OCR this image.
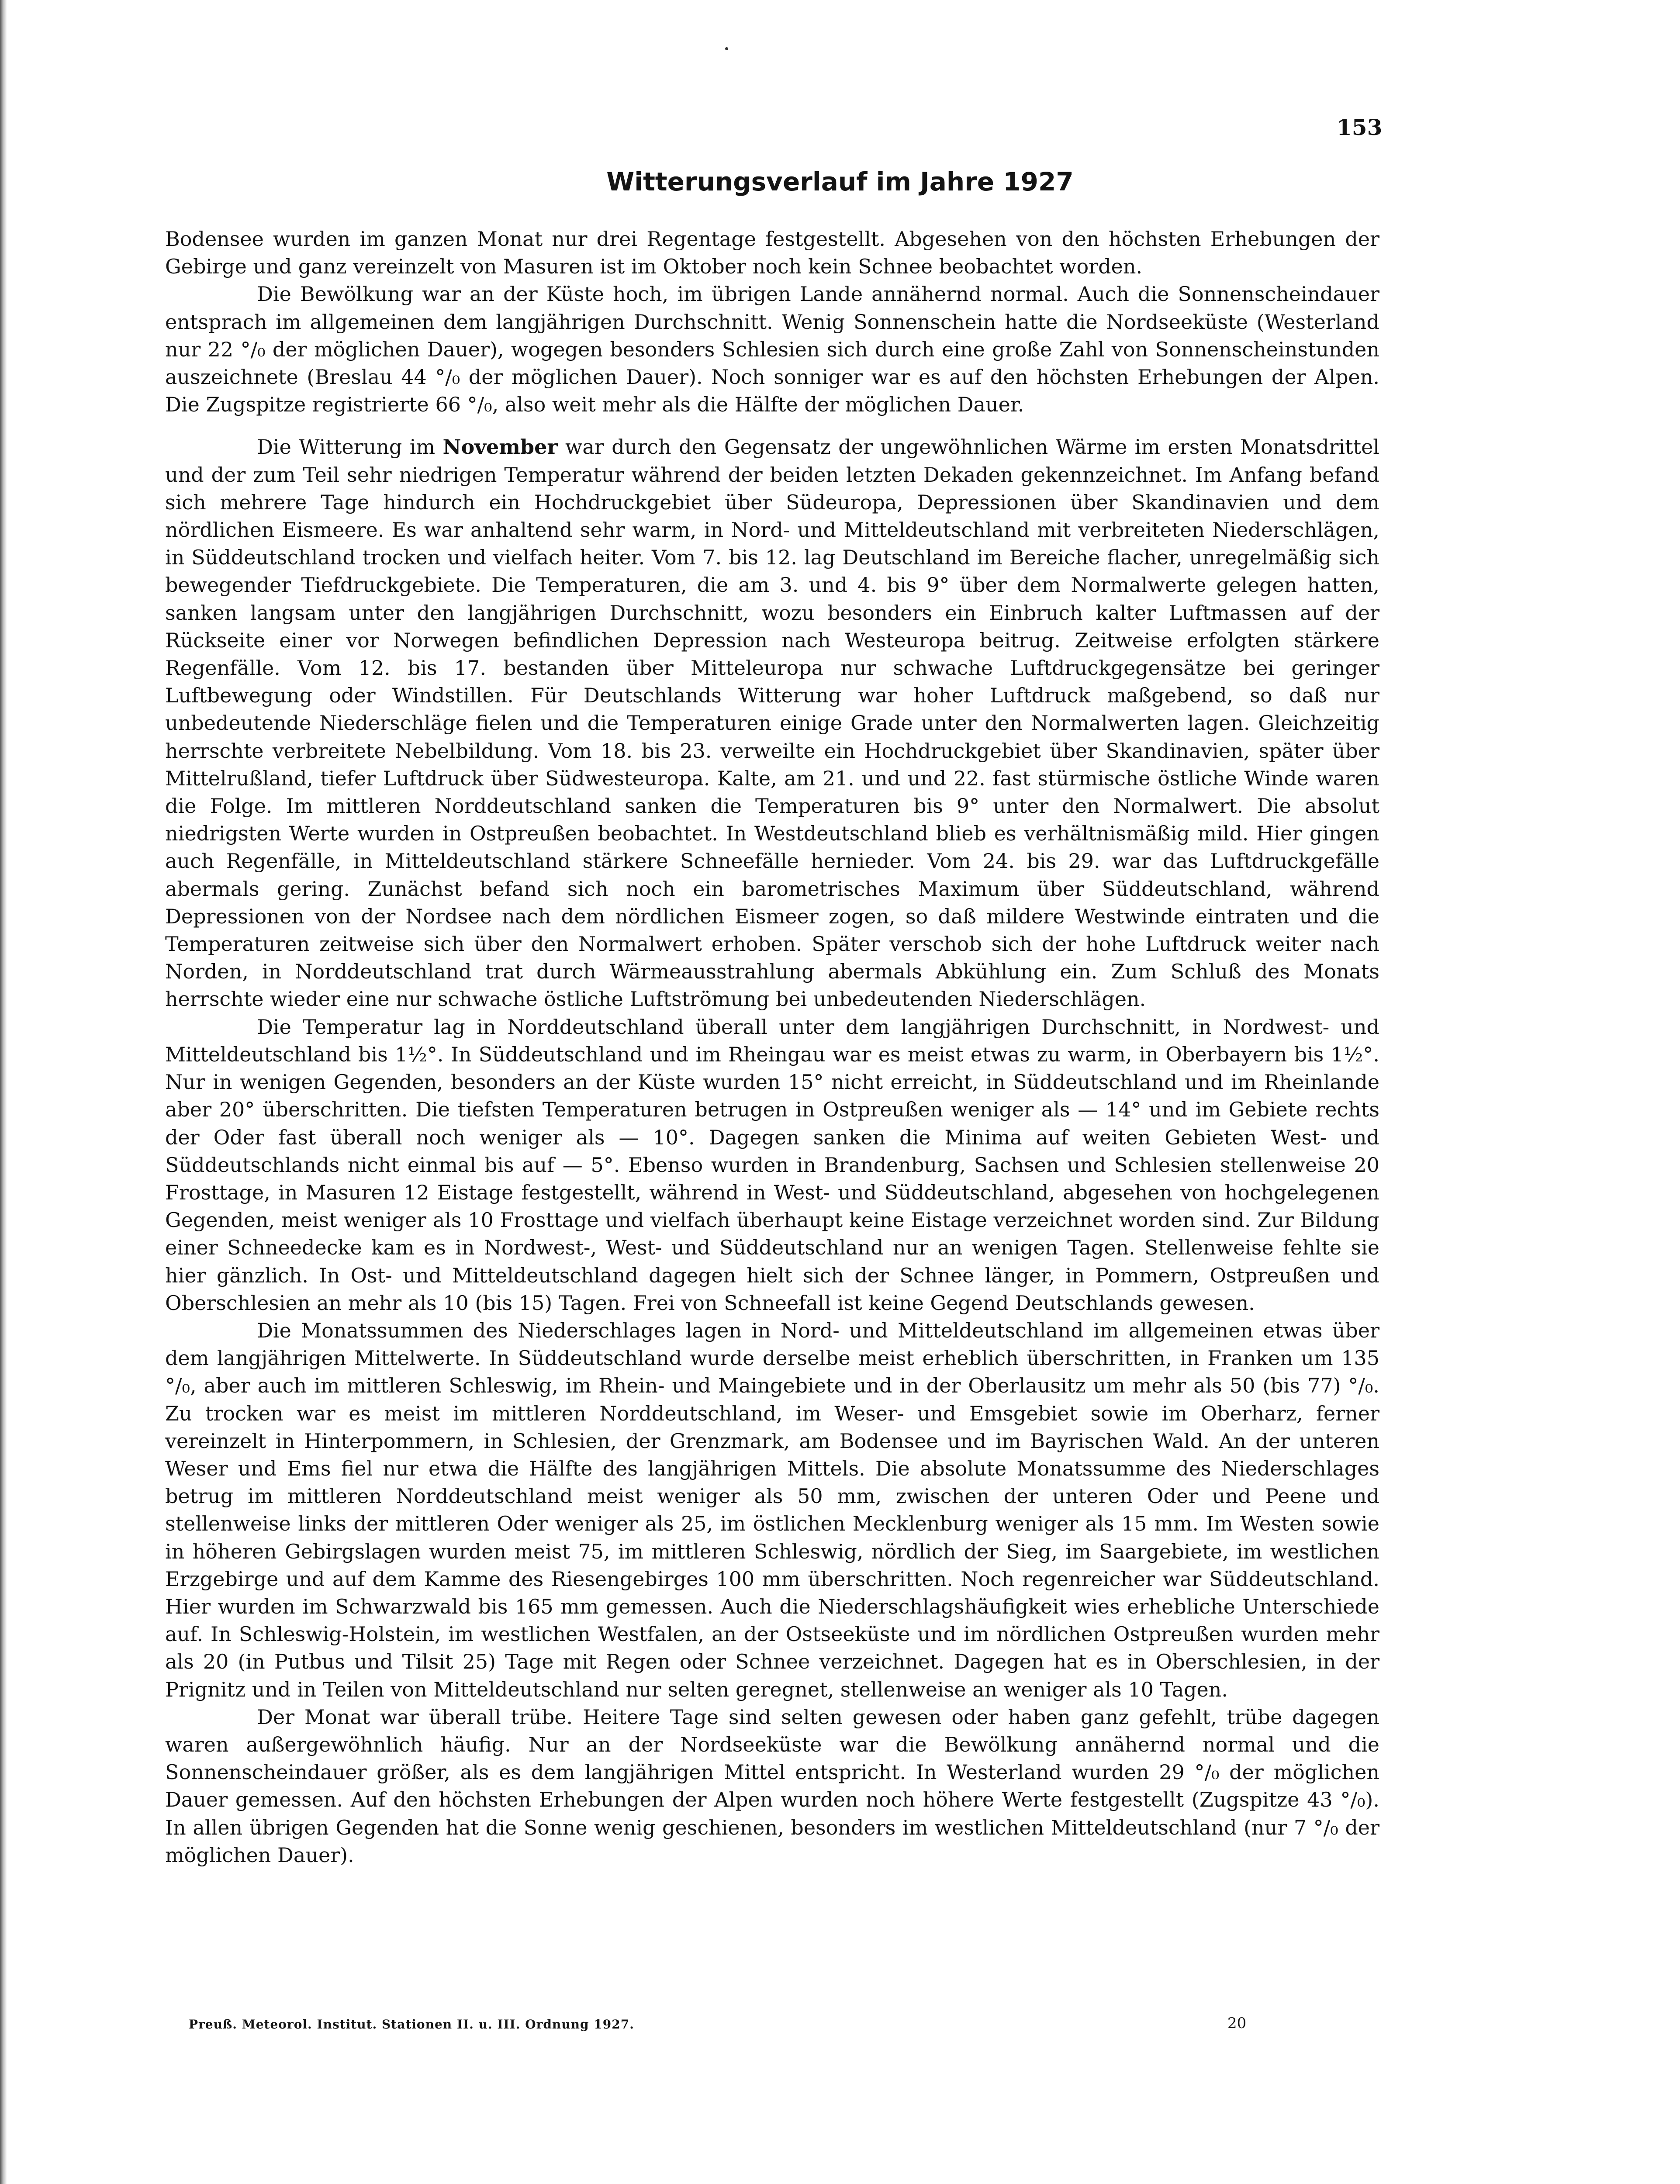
153
Witterungsverlauf im Jahre 1927

Bodensee wurden im ganzen Monat nur drei Regentage festgestellt. Abgesehen von den höchsten Erhebungen der Gebirge und ganz vereinzelt von Masuren ist im Oktober noch kein Schnee beobachtet worden.

Die Bewölkung war an der Küste hoch, im übrigen Lande annähernd normal. Auch die Sonnenscheindauer entsprach im allgemeinen dem langjährigen Durchschnitt. Wenig Sonnenschein hatte die Nordseeküste (Westerland nur 22 °/₀ der möglichen Dauer), wogegen besonders Schlesien sich durch eine große Zahl von Sonnenscheinstunden auszeichnete (Breslau 44 °/₀ der möglichen Dauer). Noch sonniger war es auf den höchsten Erhebungen der Alpen. Die Zugspitze registrierte 66 °/₀, also weit mehr als die Hälfte der möglichen Dauer.

Die Witterung im November war durch den Gegensatz der ungewöhnlichen Wärme im ersten Monatsdrittel und der zum Teil sehr niedrigen Temperatur während der beiden letzten Dekaden gekennzeichnet. Im Anfang befand sich mehrere Tage hindurch ein Hochdruckgebiet über Südeuropa, Depressionen über Skandinavien und dem nördlichen Eismeere. Es war anhaltend sehr warm, in Nord- und Mitteldeutschland mit verbreiteten Niederschlägen, in Süddeutschland trocken und vielfach heiter. Vom 7. bis 12. lag Deutschland im Bereiche flacher, unregelmäßig sich bewegender Tiefdruckgebiete. Die Temperaturen, die am 3. und 4. bis 9° über dem Normalwerte gelegen hatten, sanken langsam unter den langjährigen Durchschnitt, wozu besonders ein Einbruch kalter Luftmassen auf der Rückseite einer vor Norwegen befindlichen Depression nach Westeuropa beitrug. Zeitweise erfolgten stärkere Regenfälle. Vom 12. bis 17. bestanden über Mitteleuropa nur schwache Luftdruckgegensätze bei geringer Luftbewegung oder Windstillen. Für Deutschlands Witterung war hoher Luftdruck maßgebend, so daß nur unbedeutende Niederschläge fielen und die Temperaturen einige Grade unter den Normalwerten lagen. Gleichzeitig herrschte verbreitete Nebelbildung. Vom 18. bis 23. verweilte ein Hochdruckgebiet über Skandinavien, später über Mittelrußland, tiefer Luftdruck über Südwesteuropa. Kalte, am 21. und und 22. fast stürmische östliche Winde waren die Folge. Im mittleren Norddeutschland sanken die Temperaturen bis 9° unter den Normalwert. Die absolut niedrigsten Werte wurden in Ostpreußen beobachtet. In Westdeutschland blieb es verhältnismäßig mild. Hier gingen auch Regenfälle, in Mitteldeutschland stärkere Schneefälle hernieder. Vom 24. bis 29. war das Luftdruckgefälle abermals gering. Zunächst befand sich noch ein barometrisches Maximum über Süddeutschland, während Depressionen von der Nordsee nach dem nördlichen Eismeer zogen, so daß mildere Westwinde eintraten und die Temperaturen zeitweise sich über den Normalwert erhoben. Später verschob sich der hohe Luftdruck weiter nach Norden, in Norddeutschland trat durch Wärmeausstrahlung abermals Abkühlung ein. Zum Schluß des Monats herrschte wieder eine nur schwache östliche Luftströmung bei unbedeutenden Niederschlägen.

Die Temperatur lag in Norddeutschland überall unter dem langjährigen Durchschnitt, in Nordwest- und Mitteldeutschland bis 1½°. In Süddeutschland und im Rheingau war es meist etwas zu warm, in Oberbayern bis 1½°. Nur in wenigen Gegenden, besonders an der Küste wurden 15° nicht erreicht, in Süddeutschland und im Rheinlande aber 20° überschritten. Die tiefsten Temperaturen betrugen in Ostpreußen weniger als — 14° und im Gebiete rechts der Oder fast überall noch weniger als — 10°. Dagegen sanken die Minima auf weiten Gebieten West- und Süddeutschlands nicht einmal bis auf — 5°. Ebenso wurden in Brandenburg, Sachsen und Schlesien stellenweise 20 Frosttage, in Masuren 12 Eistage festgestellt, während in West- und Süddeutschland, abgesehen von hochgelegenen Gegenden, meist weniger als 10 Frosttage und vielfach überhaupt keine Eistage verzeichnet worden sind. Zur Bildung einer Schneedecke kam es in Nordwest-, West- und Süddeutschland nur an wenigen Tagen. Stellenweise fehlte sie hier gänzlich. In Ost- und Mitteldeutschland dagegen hielt sich der Schnee länger, in Pommern, Ostpreußen und Oberschlesien an mehr als 10 (bis 15) Tagen. Frei von Schneefall ist keine Gegend Deutschlands gewesen.

Die Monatssummen des Niederschlages lagen in Nord- und Mitteldeutschland im allgemeinen etwas über dem langjährigen Mittelwerte. In Süddeutschland wurde derselbe meist erheblich überschritten, in Franken um 135 °/₀, aber auch im mittleren Schleswig, im Rhein- und Maingebiete und in der Oberlausitz um mehr als 50 (bis 77) °/₀. Zu trocken war es meist im mittleren Norddeutschland, im Weser- und Emsgebiet sowie im Oberharz, ferner vereinzelt in Hinterpommern, in Schlesien, der Grenzmark, am Bodensee und im Bayrischen Wald. An der unteren Weser und Ems fiel nur etwa die Hälfte des langjährigen Mittels. Die absolute Monatssumme des Niederschlages betrug im mittleren Norddeutschland meist weniger als 50 mm, zwischen der unteren Oder und Peene und stellenweise links der mittleren Oder weniger als 25, im östlichen Mecklenburg weniger als 15 mm. Im Westen sowie in höheren Gebirgslagen wurden meist 75, im mittleren Schleswig, nördlich der Sieg, im Saargebiete, im westlichen Erzgebirge und auf dem Kamme des Riesengebirges 100 mm überschritten. Noch regenreicher war Süddeutschland. Hier wurden im Schwarzwald bis 165 mm gemessen. Auch die Niederschlagshäufigkeit wies erhebliche Unterschiede auf. In Schleswig-Holstein, im westlichen Westfalen, an der Ostseeküste und im nördlichen Ostpreußen wurden mehr als 20 (in Putbus und Tilsit 25) Tage mit Regen oder Schnee verzeichnet. Dagegen hat es in Oberschlesien, in der Prignitz und in Teilen von Mitteldeutschland nur selten geregnet, stellenweise an weniger als 10 Tagen.

Der Monat war überall trübe. Heitere Tage sind selten gewesen oder haben ganz gefehlt, trübe dagegen waren außergewöhnlich häufig. Nur an der Nordseeküste war die Bewölkung annähernd normal und die Sonnenscheindauer größer, als es dem langjährigen Mittel entspricht. In Westerland wurden 29 °/₀ der möglichen Dauer gemessen. Auf den höchsten Erhebungen der Alpen wurden noch höhere Werte festgestellt (Zugspitze 43 °/₀). In allen übrigen Gegenden hat die Sonne wenig geschienen, besonders im westlichen Mitteldeutschland (nur 7 °/₀ der möglichen Dauer).

Preuß. Meteorol. Institut. Stationen II. u. III. Ordnung 1927.	20
